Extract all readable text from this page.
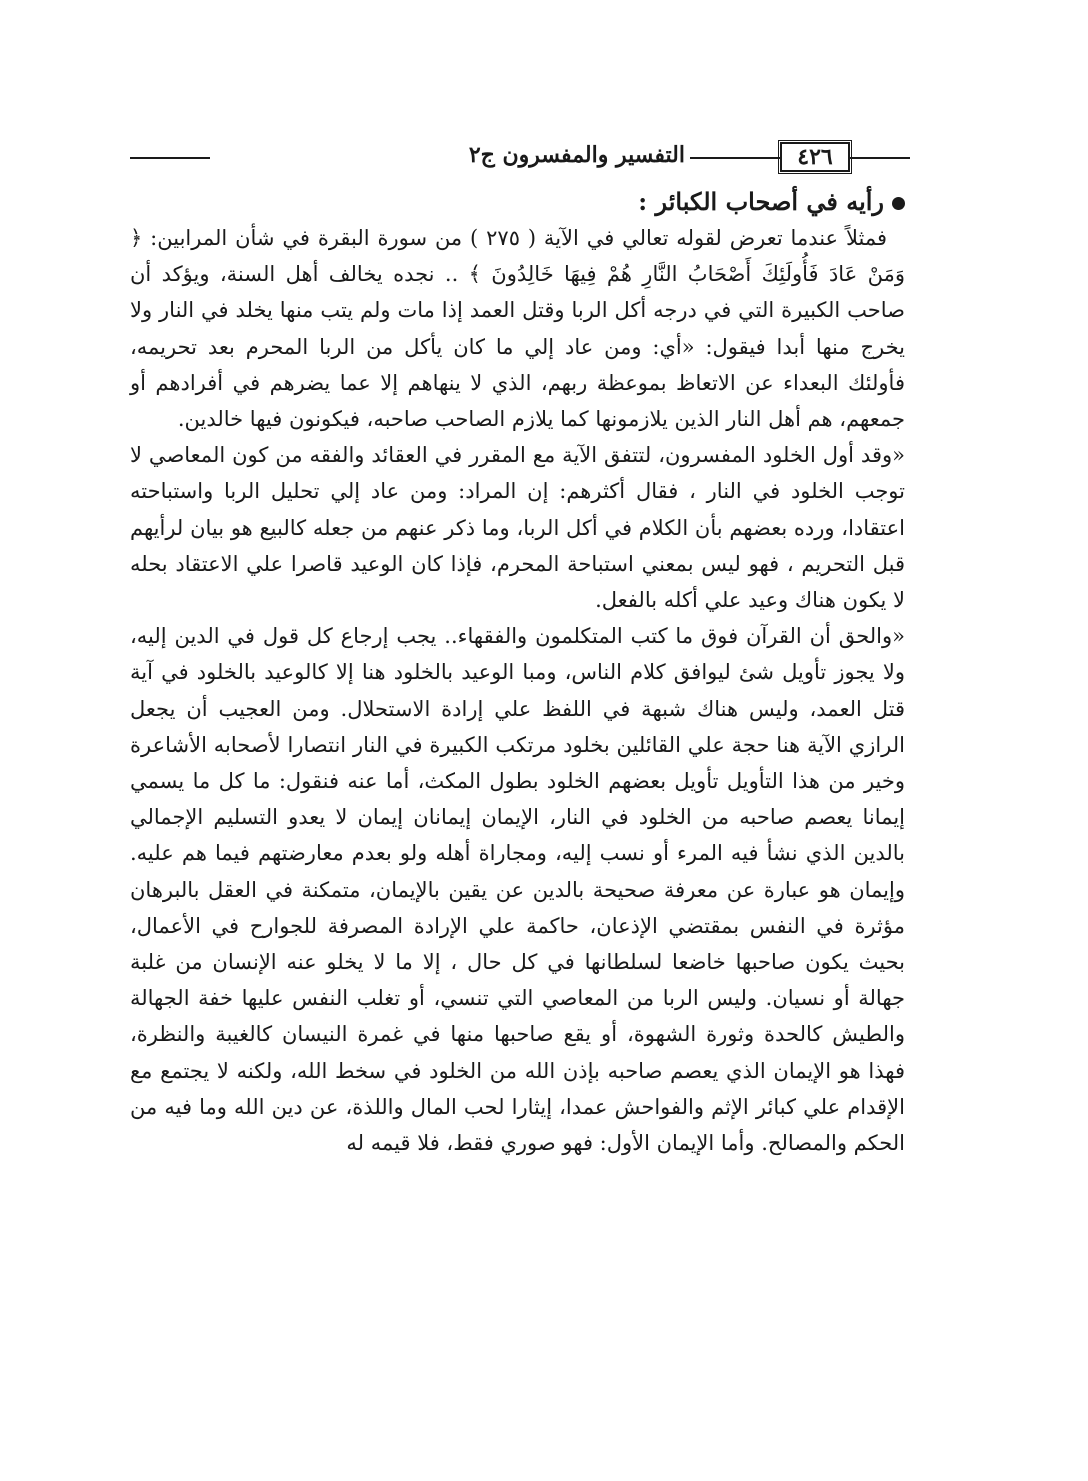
٤٢٦
التفسير والمفسرون ج٢
رأيه في أصحاب الكبائر :

فمثلاً عندما تعرض لقوله تعالي في الآية ( ٢٧٥ ) من سورة البقرة في شأن المرابين: ﴿ وَمَنْ عَادَ فَأُولَئِكَ أَصْحَابُ النَّارِ هُمْ فِيهَا خَالِدُونَ ﴾ .. نجده يخالف أهل السنة، ويؤكد أن صاحب الكبيرة التي في درجه أكل الربا وقتل العمد إذا مات ولم يتب منها يخلد في النار ولا يخرج منها أبدا فيقول: «أي: ومن عاد إلي ما كان يأكل من الربا المحرم بعد تحريمه، فأولئك البعداء عن الاتعاظ بموعظة ربهم، الذي لا ينهاهم إلا عما يضرهم في أفرادهم أو جمعهم، هم أهل النار الذين يلازمونها كما يلازم الصاحب صاحبه، فيكونون فيها خالدين.

«وقد أول الخلود المفسرون، لتتفق الآية مع المقرر في العقائد والفقه من كون المعاصي لا توجب الخلود في النار ، فقال أكثرهم: إن المراد: ومن عاد إلي تحليل الربا واستباحته اعتقادا، ورده بعضهم بأن الكلام في أكل الربا، وما ذكر عنهم من جعله كالبيع هو بيان لرأيهم قبل التحريم ، فهو ليس بمعني استباحة المحرم، فإذا كان الوعيد قاصرا علي الاعتقاد بحله لا يكون هناك وعيد علي أكله بالفعل.

«والحق أن القرآن فوق ما كتب المتكلمون والفقهاء.. يجب إرجاع كل قول في الدين إليه، ولا يجوز تأويل شئ ليوافق كلام الناس، ومبا الوعيد بالخلود هنا إلا كالوعيد بالخلود في آية قتل العمد، وليس هناك شبهة في اللفظ علي إرادة الاستحلال. ومن العجيب أن يجعل الرازي الآية هنا حجة علي القائلين بخلود مرتكب الكبيرة في النار انتصارا لأصحابه الأشاعرة وخير من هذا التأويل تأويل بعضهم الخلود بطول المكث، أما عنه فنقول: ما كل ما يسمي إيمانا يعصم صاحبه من الخلود في النار، الإيمان إيمانان إيمان لا يعدو التسليم الإجمالي بالدين الذي نشأ فيه المرء أو نسب إليه، ومجاراة أهله ولو بعدم معارضتهم فيما هم عليه. وإيمان هو عبارة عن معرفة صحيحة بالدين عن يقين بالإيمان، متمكنة في العقل بالبرهان مؤثرة في النفس بمقتضي الإذعان، حاكمة علي الإرادة المصرفة للجوارح في الأعمال، بحيث يكون صاحبها خاضعا لسلطانها في كل حال ، إلا ما لا يخلو عنه الإنسان من غلبة جهالة أو نسيان. وليس الربا من المعاصي التي تنسي، أو تغلب النفس عليها خفة الجهالة والطيش كالحدة وثورة الشهوة، أو يقع صاحبها منها في غمرة النيسان كالغيبة والنظرة، فهذا هو الإيمان الذي يعصم صاحبه بإذن الله من الخلود في سخط الله، ولكنه لا يجتمع مع الإقدام علي كبائر الإثم والفواحش عمدا، إيثارا لحب المال واللذة، عن دين الله وما فيه من الحكم والمصالح. وأما الإيمان الأول: فهو صوري فقط، فلا قيمه له
